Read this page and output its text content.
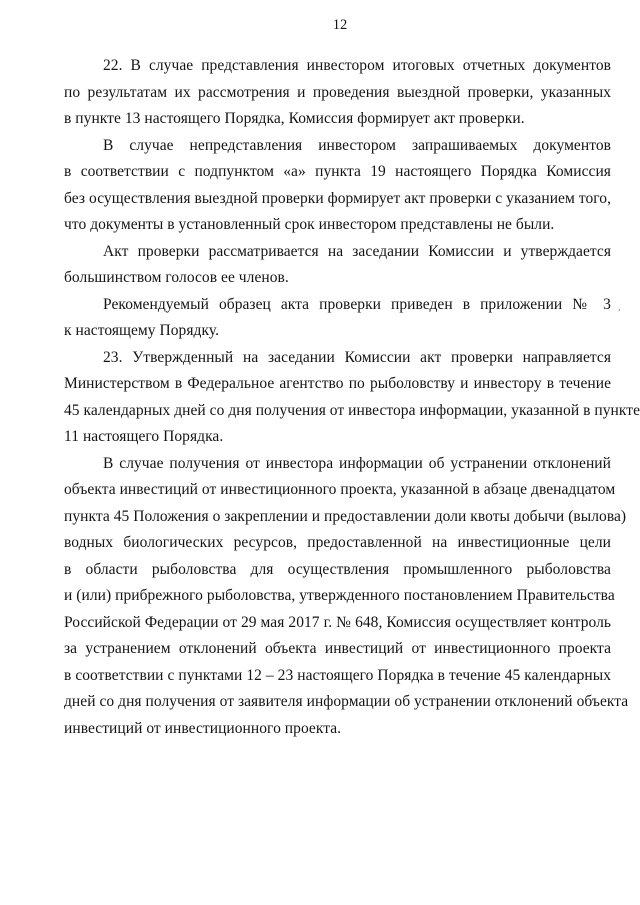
12
22. В случае представления инвестором итоговых отчетных документов
по результатам их рассмотрения и проведения выездной проверки, указанных
в пункте 13 настоящего Порядка, Комиссия формирует акт проверки.
В случае непредставления инвестором запрашиваемых документов
в соответствии с подпунктом «а» пункта 19 настоящего Порядка Комиссия
без осуществления выездной проверки формирует акт проверки с указанием того,
что документы в установленный срок инвестором представлены не были.
Акт проверки рассматривается на заседании Комиссии и утверждается
большинством голосов ее членов.
Рекомендуемый образец акта проверки приведен в приложении № 3
к настоящему Порядку.
,
23. Утвержденный на заседании Комиссии акт проверки направляется
Министерством в Федеральное агентство по рыболовству и инвестору в течение
45 календарных дней со дня получения от инвестора информации, указанной в пункте
11 настоящего Порядка.
В случае получения от инвестора информации об устранении отклонений
объекта инвестиций от инвестиционного проекта, указанной в абзаце двенадцатом
пункта 45 Положения о закреплении и предоставлении доли квоты добычи (вылова)
водных биологических ресурсов, предоставленной на инвестиционные цели
в области рыболовства для осуществления промышленного рыболовства
и (или) прибрежного рыболовства, утвержденного постановлением Правительства
Российской Федерации от 29 мая 2017 г. № 648, Комиссия осуществляет контроль
за устранением отклонений объекта инвестиций от инвестиционного проекта
в соответствии с пунктами 12 – 23 настоящего Порядка в течение 45 календарных
дней со дня получения от заявителя информации об устранении отклонений объекта
инвестиций от инвестиционного проекта.
